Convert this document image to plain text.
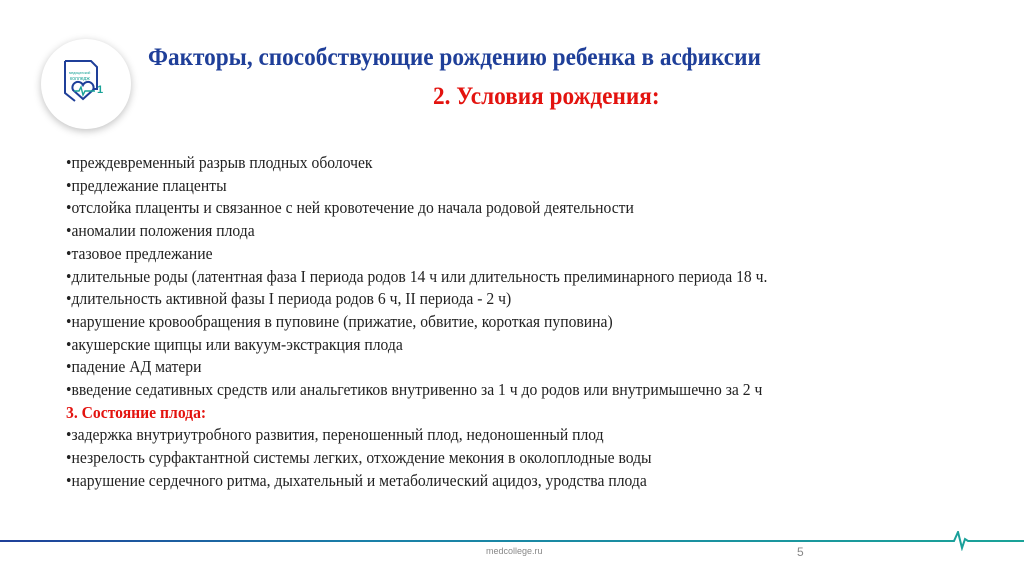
медицинский
колледж
1
Факторы, способствующие рождению ребенка в асфиксии
2. Условия рождения:
•преждевременный разрыв плодных оболочек
•предлежание плаценты
•отслойка плаценты и связанное с ней кровотечение до начала родовой деятельности
•аномалии положения плода
•тазовое предлежание
•длительные роды (латентная фаза I периода родов 14 ч или длительность прелиминарного периода 18 ч.
•длительность активной фазы I периода родов 6 ч, II периода - 2 ч)
•нарушение кровообращения в пуповине (прижатие, обвитие, короткая пуповина)
•акушерские щипцы или вакуум-экстракция плода
•падение АД матери
•введение седативных средств или анальгетиков внутривенно за 1 ч до родов или внутримышечно за 2 ч
3. Состояние плода:
•задержка внутриутробного развития, переношенный плод, недоношенный плод
•незрелость сурфактантной системы легких, отхождение мекония в околоплодные воды
•нарушение сердечного ритма, дыхательный и метаболический ацидоз, уродства плода
medcollege.ru	5
